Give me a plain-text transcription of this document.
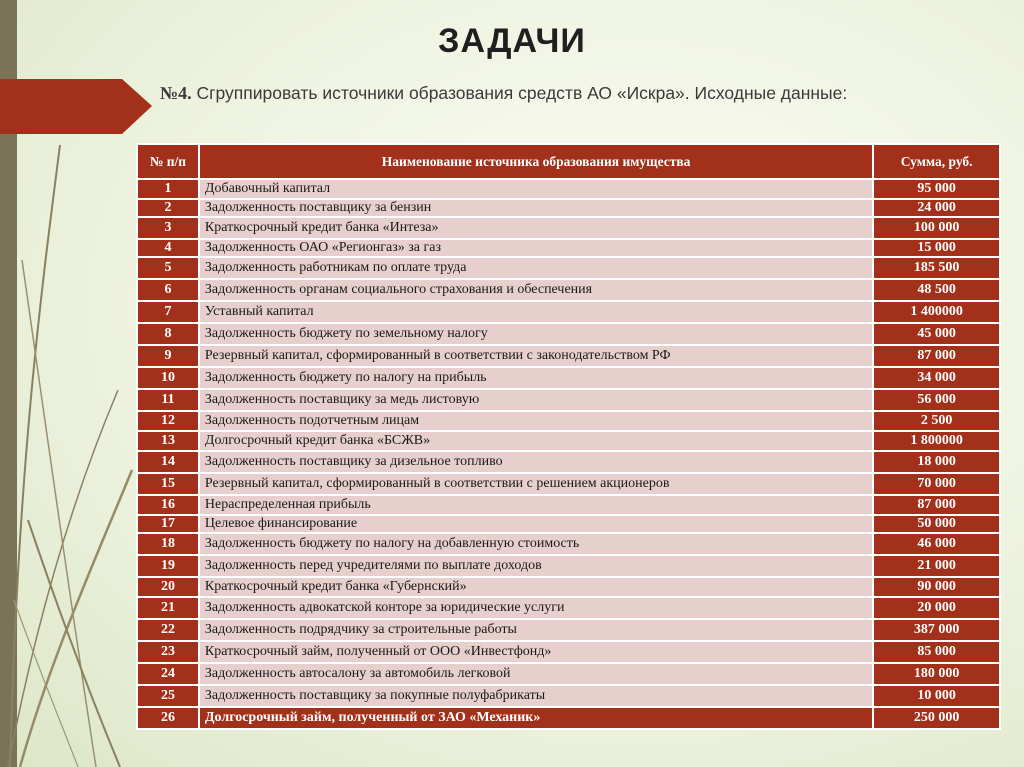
ЗАДАЧИ
№4. Сгруппировать источники образования средств АО «Искра». Исходные данные:
№ п/п	Наименование источника образования имущества	Сумма, руб.
1	Добавочный капитал	95 000
2	Задолженность поставщику за бензин	24 000
3	Краткосрочный кредит банка «Интеза»	100 000
4	Задолженность ОАО «Регионгаз» за газ	15 000
5	Задолженность работникам по оплате труда	185 500
6	Задолженность органам социального страхования и обеспечения	48 500
7	Уставный капитал	1 400000
8	Задолженность бюджету по земельному налогу	45 000
9	Резервный капитал, сформированный в соответствии с законодательством РФ	87 000
10	Задолженность бюджету по налогу на прибыль	34 000
11	Задолженность поставщику за медь листовую	56 000
12	Задолженность подотчетным лицам	2 500
13	Долгосрочный кредит банка «БСЖВ»	1 800000
14	Задолженность поставщику за дизельное топливо	18 000
15	Резервный капитал, сформированный в соответствии с решением акционеров	70 000
16	Нераспределенная прибыль	87 000
17	Целевое финансирование	50 000
18	Задолженность бюджету по налогу на добавленную стоимость	46 000
19	Задолженность перед учредителями по выплате доходов	21 000
20	Краткосрочный кредит банка «Губернский»	90 000
21	Задолженность адвокатской конторе за юридические услуги	20 000
22	Задолженность подрядчику за строительные работы	387 000
23	Краткосрочный займ, полученный от ООО «Инвестфонд»	85 000
24	Задолженность автосалону за автомобиль легковой	180 000
25	Задолженность поставщику за покупные полуфабрикаты	10 000
26	Долгосрочный займ, полученный от ЗАО «Механик»	250 000
